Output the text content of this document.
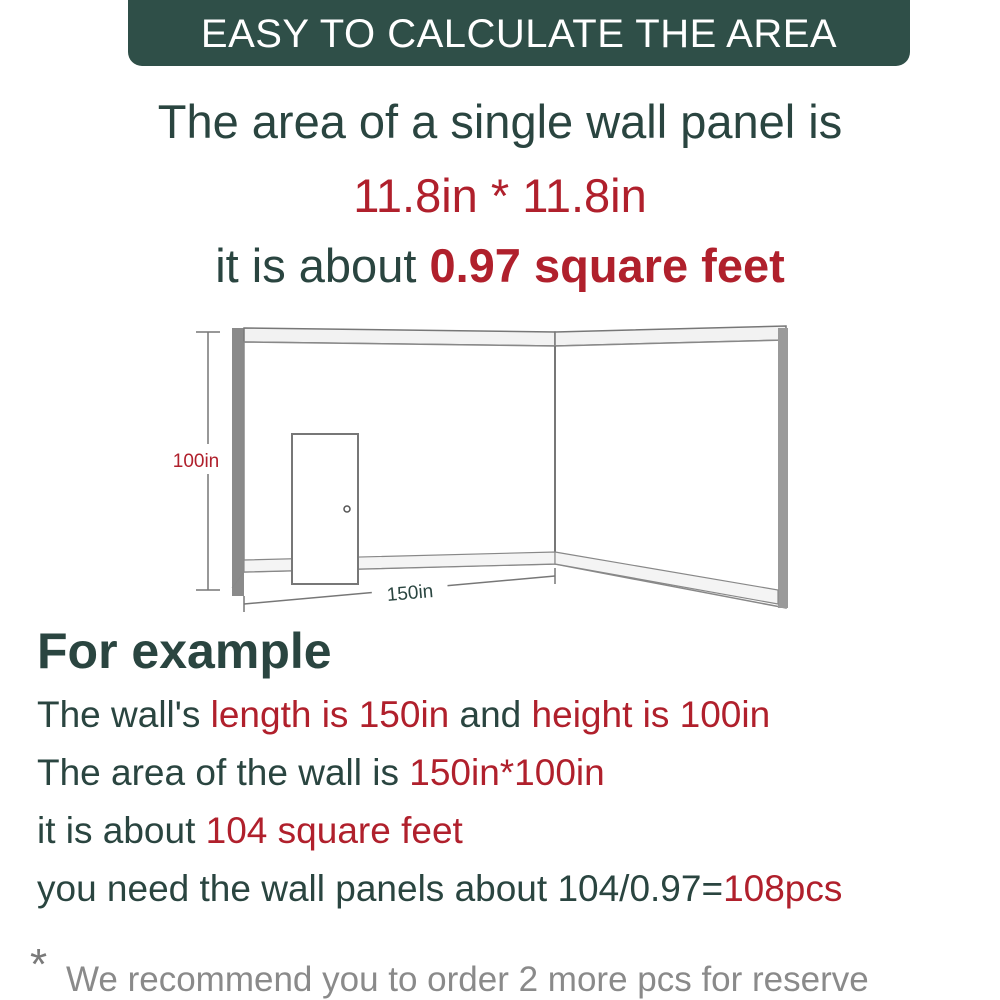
EASY TO CALCULATE THE AREA
The area of a single wall panel is
11.8in * 11.8in
it is about 0.97 square feet
100in
150in
For example
The wall's length is 150in and height is 100in
The area of the wall is 150in*100in
it is about 104 square feet
you need the wall panels about 104/0.97=108pcs
* We recommend you to order 2 more pcs for reserve
